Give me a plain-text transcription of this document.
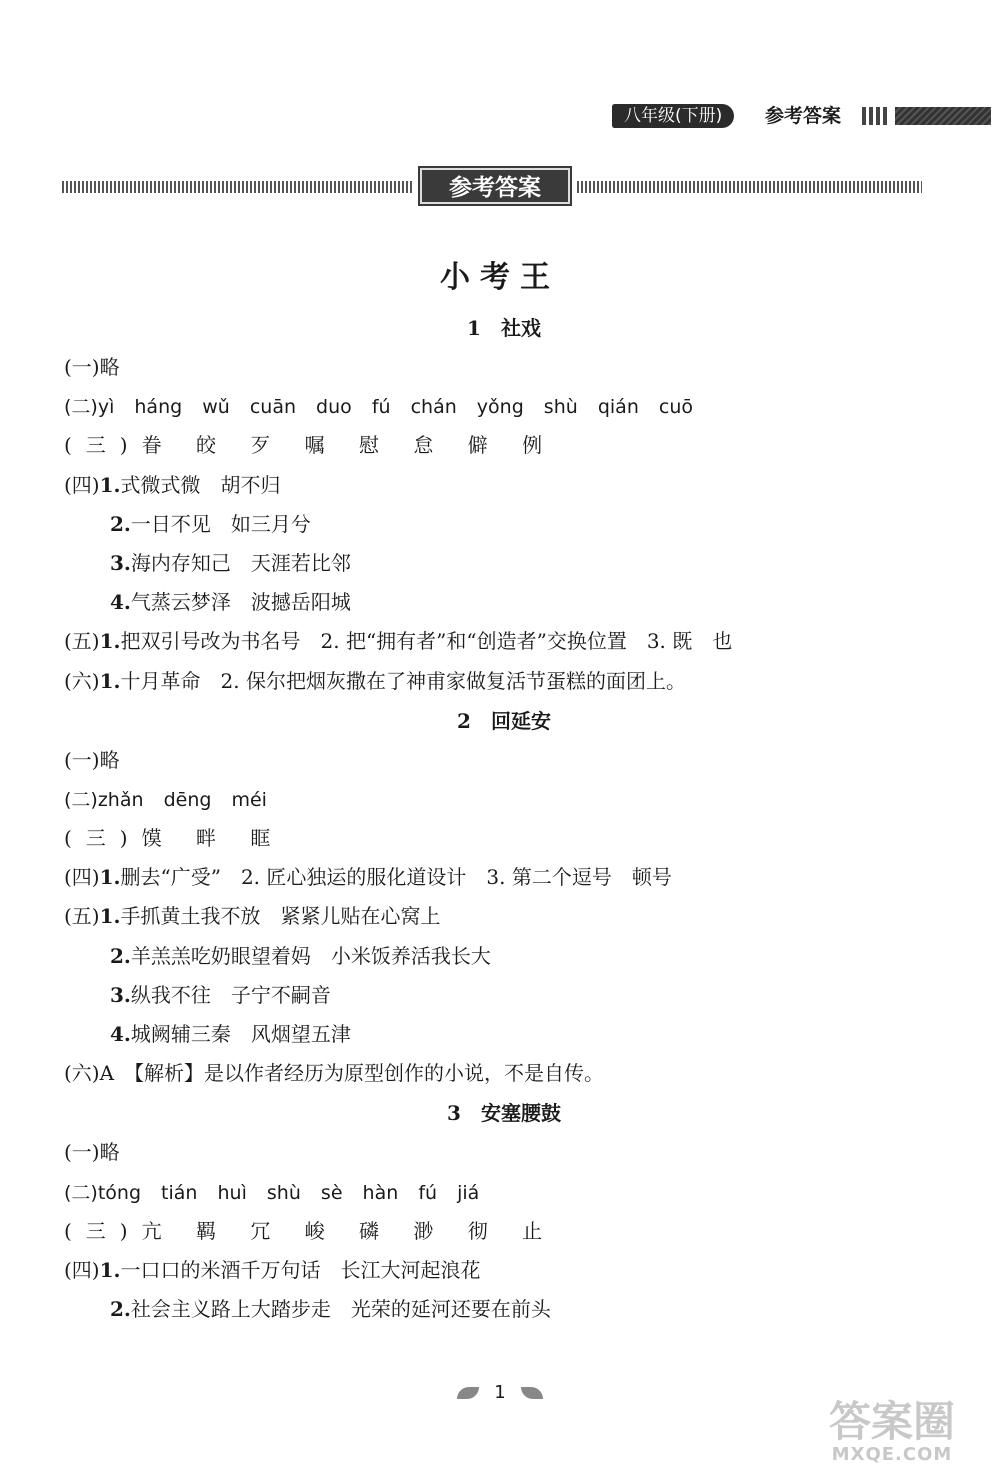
八年级(下册)	参考答案
参考答案
小考王
1　社戏
(一)略
(二)yì háng wǔ cuān duo fú chán yǒng shù qián cuō
(三)眷 皎 歹 嘱 慰 怠 僻 例
(四)1.式微式微　胡不归
2.一日不见　如三月兮
3.海内存知己　天涯若比邻
4.气蒸云梦泽　波撼岳阳城
(五)1.把双引号改为书名号　2. 把“拥有者”和“创造者”交换位置　3. 既　也
(六)1.十月革命　2. 保尔把烟灰撒在了神甫家做复活节蛋糕的面团上。
2　回延安
(一)略
(二)zhǎn dēng méi
(三)馍 畔 眶
(四)1.删去“广受”　2. 匠心独运的服化道设计　3. 第二个逗号　顿号
(五)1.手抓黄土我不放　紧紧儿贴在心窝上
2.羊羔羔吃奶眼望着妈　小米饭养活我长大
3.纵我不往　子宁不嗣音
4.城阙辅三秦　风烟望五津
(六)A　【解析】是以作者经历为原型创作的小说，不是自传。
3　安塞腰鼓
(一)略
(二)tóng tián huì shù sè hàn fú jiá
(三)亢 羁 冗 峻 磷 渺 彻 止
(四)1.一口口的米酒千万句话　长江大河起浪花
2.社会主义路上大踏步走　光荣的延河还要在前头
1
答案圈
MXQE.COM
